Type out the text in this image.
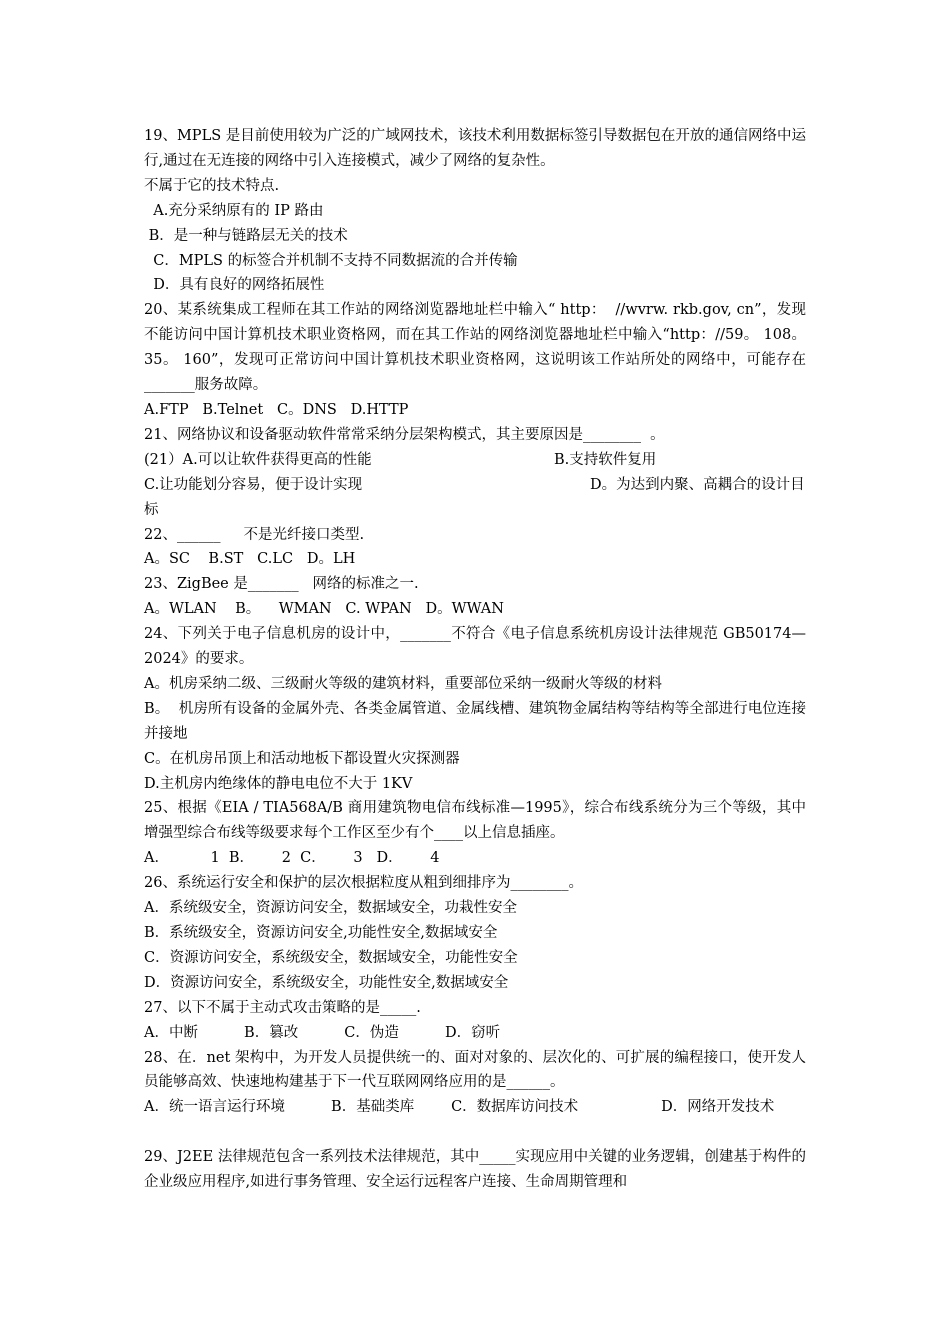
19、MPLS 是目前使用较为广泛的广域网技术，该技术利用数据标签引导数据包在开放的通信网络中运行,通过在无连接的网络中引入连接模式，减少了网络的复杂性。

不属于它的技术特点.

A.充分采纳原有的 IP 路由

B．是一种与链路层无关的技术

C．MPLS 的标签合并机制不支持不同数据流的合并传输

D．具有良好的网络拓展性

20、某系统集成工程师在其工作站的网络浏览器地址栏中输入“ http：  //wvrw. rkb.gov, cn”，发现不能访问中国计算机技术职业资格网，而在其工作站的网络浏览器地址栏中输入“http：//59。 108。 35。 160”，发现可正常访问中国计算机技术职业资格网，这说明该工作站所处的网络中，可能存在  _______服务故障。

A.FTP   B.Telnet   C。DNS   D.HTTP

21、网络协议和设备驱动软件常常采纳分层架构模式，其主要原因是________  。

(21）A.可以让软件获得更高的性能	B.支持软件复用

C.让功能划分容易，便于设计实现	D。为达到内聚、高耦合的设计目标

22、______     不是光纤接口类型.

A。SC    B.ST   C.LC   D。LH

23、ZigBee 是_______   网络的标准之一.

A。WLAN    B。    WMAN   C. WPAN   D。WWAN

24、下列关于电子信息机房的设计中，_______不符合《电子信息系统机房设计法律规范 GB50174—2024》的要求。

A。机房采纳二级、三级耐火等级的建筑材料，重要部位采纳一级耐火等级的材料

B。  机房所有设备的金属外壳、各类金属管道、金属线槽、建筑物金属结构等结构等全部进行电位连接并接地

C。在机房吊顶上和活动地板下都设置火灾探测器

D.主机房内绝缘体的静电电位不大于 1KV

25、根据《EIA / TIA568A/B 商用建筑物电信布线标准—1995》，综合布线系统分为三个等级，其中增强型综合布线等级要求每个工作区至少有个____以上信息插座。

A．         1  B．      2  C．      3   D．      4

26、系统运行安全和保护的层次根据粒度从粗到细排序为________。

A．系统级安全，资源访问安全，数据域安全，功栽性安全

B．系统级安全，资源访问安全,功能性安全,数据域安全

C．资源访问安全，系统级安全，数据域安全，功能性安全

D．资源访问安全，系统级安全，功能性安全,数据域安全

27、以下不属于主动式攻击策略的是_____.

A．中断          B．篡改          C．伪造          D．窃听

28、在．net 架构中，为开发人员提供统一的、面对对象的、层次化的、可扩展的编程接口，使开发人员能够高效、快速地构建基于下一代互联网网络应用的是______。

A．统一语言运行环境          B．基础类库        C．数据库访问技术                  D．网络开发技术

29、J2EE 法律规范包含一系列技术法律规范，其中_____实现应用中关键的业务逻辑，创建基于构件的企业级应用程序,如进行事务管理、安全运行远程客户连接、生命周期管理和
